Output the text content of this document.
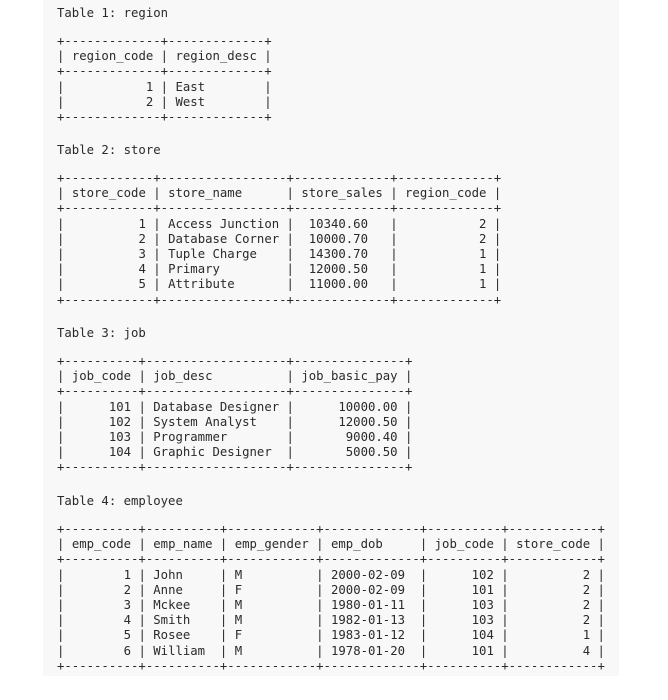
Table 1: region
+-------------+-------------+
| region_code | region_desc |
+-------------+-------------+
|           1 | East        |
|           2 | West        |
+-------------+-------------+
Table 2: store
+------------+-----------------+-------------+-------------+
| store_code | store_name      | store_sales | region_code |
+------------+-----------------+-------------+-------------+
|          1 | Access Junction |  10340.60   |           2 |
|          2 | Database Corner |  10000.70   |           2 |
|          3 | Tuple Charge    |  14300.70   |           1 |
|          4 | Primary         |  12000.50   |           1 |
|          5 | Attribute       |  11000.00   |           1 |
+------------+-----------------+-------------+-------------+
Table 3: job
+----------+-------------------+---------------+
| job_code | job_desc          | job_basic_pay |
+----------+-------------------+---------------+
|      101 | Database Designer |      10000.00 |
|      102 | System Analyst    |      12000.50 |
|      103 | Programmer        |       9000.40 |
|      104 | Graphic Designer  |       5000.50 |
+----------+-------------------+---------------+
Table 4: employee
+----------+----------+------------+-------------+----------+------------+
| emp_code | emp_name | emp_gender | emp_dob     | job_code | store_code |
+----------+----------+------------+-------------+----------+------------+
|        1 | John     | M          | 2000-02-09  |      102 |          2 |
|        2 | Anne     | F          | 2000-02-09  |      101 |          2 |
|        3 | Mckee    | M          | 1980-01-11  |      103 |          2 |
|        4 | Smith    | M          | 1982-01-13  |      103 |          2 |
|        5 | Rosee    | F          | 1983-01-12  |      104 |          1 |
|        6 | William  | M          | 1978-01-20  |      101 |          4 |
+----------+----------+------------+-------------+----------+------------+
